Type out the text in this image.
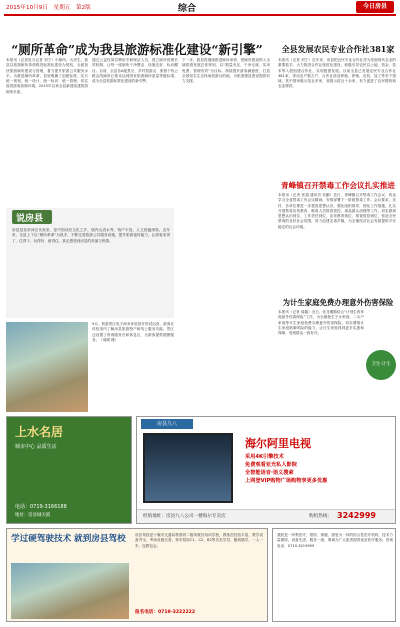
2015年10月9日　星期五　第2版	综合	今日房县
“厕所革命”成为我县旅游标准化建设“新引擎”
本报讯（记者见习记者 刘宁）小厕所，大民生。我县以旅游厕所革命推进标准化建设为契机，全面加快旅游厕所建设与管理，着力提升旅游公共服务水平。为推进厕所革命，县里明确了创建标准，实行统一规划、统一设计、统一标识、统一管理，切实改善游客如厕环境。2015年以来全县新建改建旅游厕所多座。
通过公益性岗位聘用专职保洁人员，建立厕所管理长效机制，让每一座厕所干净整洁、设施完好、标识醒目。目前，全县各A级景区、乡村旅游点、旅游干线公路沿线厕所已基本达到国家旅游厕所质量等级标准，成为全县旅游标准化建设的新引擎。
下一步，我县将继续推进厕所革命，把厕所建设纳入全域旅游发展总体规划，以“数量充足、干净无味、实用免费、管理有效”为目标，持续提升游客满意度，打造全国知名生态休闲旅游目的地，为旅游强县建设提供有力支撑。
说房县
房县是炎帝神农氏故里，是中国诗经文化之乡，境内山清水秀，物产丰饶，人文底蕴深厚。近年来，全县上下以“厕所革命”为抓手，不断完善旅游公共服务设施，提升旅游接待能力，让游客来得了、住得下、玩得好、留得住，真正感受到房县的美丽与热情。
9月，旅游景区电子商务体验馆开馆试运营，游客在体验馆内了解房县旅游特产和线上服务功能，景区还设置了咨询服务台和休息区，为游客提供便捷服务。（周刚 摄）
全县发展农民专业合作社381家
本报讯（记者 刘宁）近年来，房县把农民专业合作社作为发展现代农业的重要抓手，大力推进合作社规范化建设，积极引导农民以土地、资金、技术等入股组建合作社，实现抱团发展。目前全县已发展农民专业合作社381家，带动农户数万户，合作社涉及种植、养殖、农机、加工等多个领域，其中国家级示范社多家，省级示范社十余家，有力促进了农民增收和农业增效。
青峰镇召开禁毒工作会议扎实推进
本报讯（记者 张超 通讯员 吴鹏）近日，青峰镇召开禁毒工作会议，传达学习全省禁毒工作会议精神，安排部署下一阶段禁毒工作。会议要求，各村、各单位要进一步提高思想认识，强化组织领导，细化工作措施，扎实开展禁毒宣传教育、吸毒人员排查管控、毒品源头治理等工作，切实做到思想认识到位、工作责任到位、宣传教育到位、排查管控到位，营造全民禁毒的良好社会氛围，努力创建无毒乡镇，为全镇经济社会发展提供平安稳定的社会环境。
为计生家庭免费办理意外伤害保险
本报讯（记者 周鑫）近日，化龙堰镇结合“计划生育家庭意外伤害保险”工作，为全镇独生子女家庭、二女户家庭等计生家庭免费办理意外伤害保险，切实增强计生家庭抵御风险的能力，让计生家庭得到更多实惠和保障，受到群众一致好评。
卫生·计生
上水名居
城市中心 品质生活
电话：0719-3166188
地址：房县城关镇
房县九八
海尔阿里电视
采用4K引擎技术
免费观看亚光私人影院
全智能语音·语义搜索
上网登VIP购物广场购物享更多优惠
经销地址：房县九八公司一楼海尔专卖店	购机热线： 3242999
学过硬驾驶技术 就到房县驾校	房县驾校是十堰市交通局核准的二级驾驶员培训学校，教练员经验丰富，教学设备齐全，考场设施完善，常年招收C1、C2、B2等各类学员，随到随学，一人一车，包教包会。
报名电话：0719-3222222
我院是一所集医疗、预防、保健、康复为一体的综合性医疗机构，技术力量雄厚，设备先进，服务一流，竭诚为广大患者提供优质医疗服务。咨询电话：0719-3219999
